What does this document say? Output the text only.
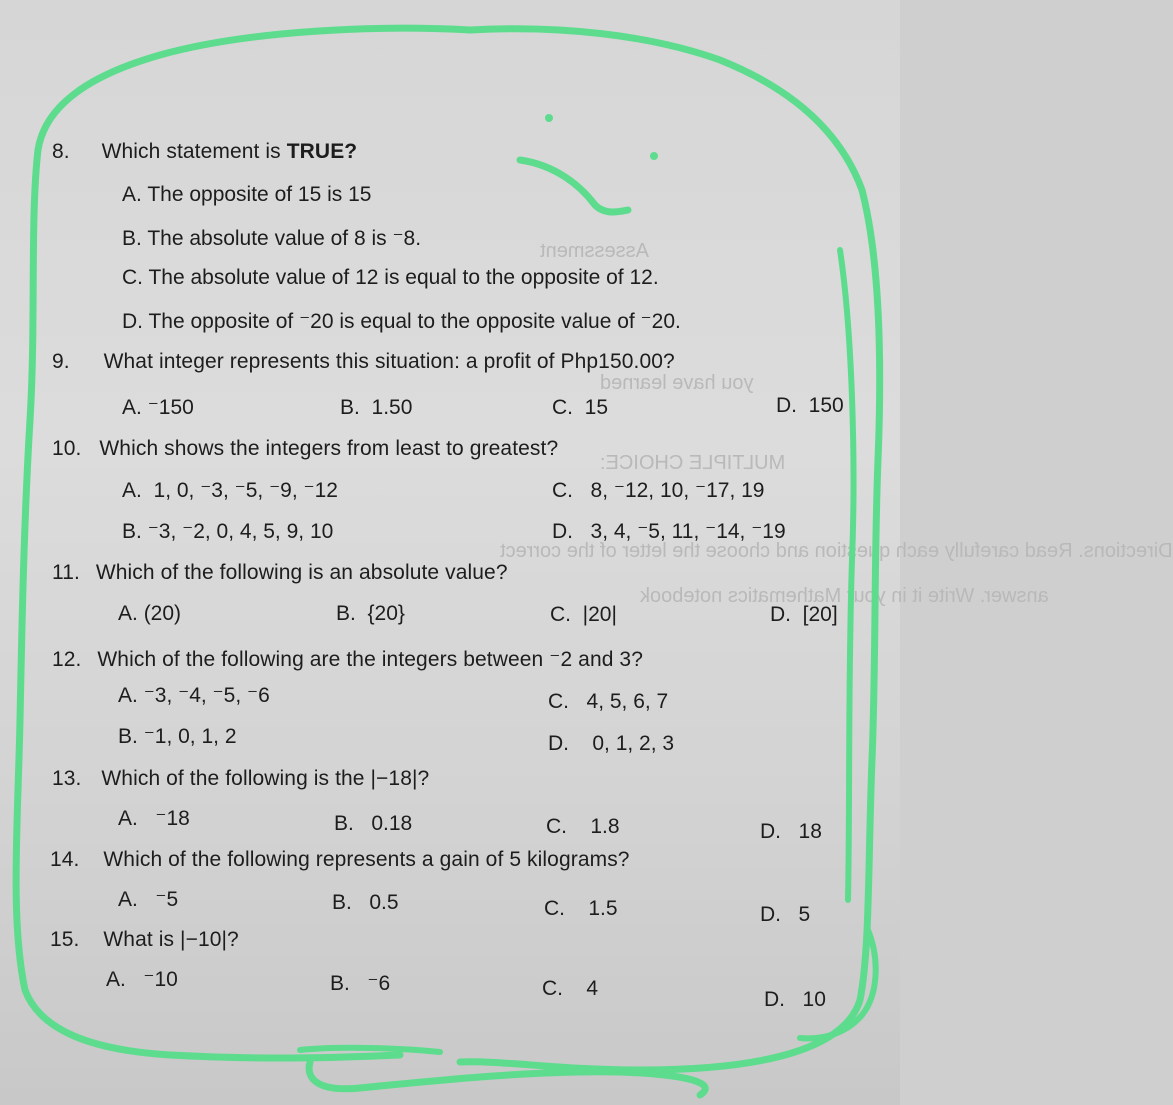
Assessment
you have learned
MULTIPLE CHOICE:
Directions. Read carefully each question and choose the letter of the correct
answer. Write it in your Mathematics notebook
8. Which statement is TRUE?
A. The opposite of 15 is 15
B. The absolute value of 8 is ⁻8.
C. The absolute value of 12 is equal to the opposite of 12.
D. The opposite of ⁻20 is equal to the opposite value of ⁻20.
9. What integer represents this situation: a profit of Php150.00?
A. ⁻150	B. 1.50	C. 15	D. 150
10. Which shows the integers from least to greatest?
A. 1, 0, ⁻3, ⁻5, ⁻9, ⁻12	C. 8, ⁻12, 10, ⁻17, 19
B. ⁻3, ⁻2, 0, 4, 5, 9, 10	D. 3, 4, ⁻5, 11, ⁻14, ⁻19
11. Which of the following is an absolute value?
A. (20)	B. {20}	C. |20|	D. [20]
12. Which of the following are the integers between ⁻2 and 3?
A. ⁻3, ⁻4, ⁻5, ⁻6	C. 4, 5, 6, 7
B. ⁻1, 0, 1, 2	D. 0, 1, 2, 3
13. Which of the following is the |−18|?
A. ⁻18	B. 0.18	C. 1.8	D. 18
14. Which of the following represents a gain of 5 kilograms?
A. ⁻5	B. 0.5	C. 1.5	D. 5
15. What is |−10|?
A. ⁻10	B. ⁻6	C. 4	D. 10
